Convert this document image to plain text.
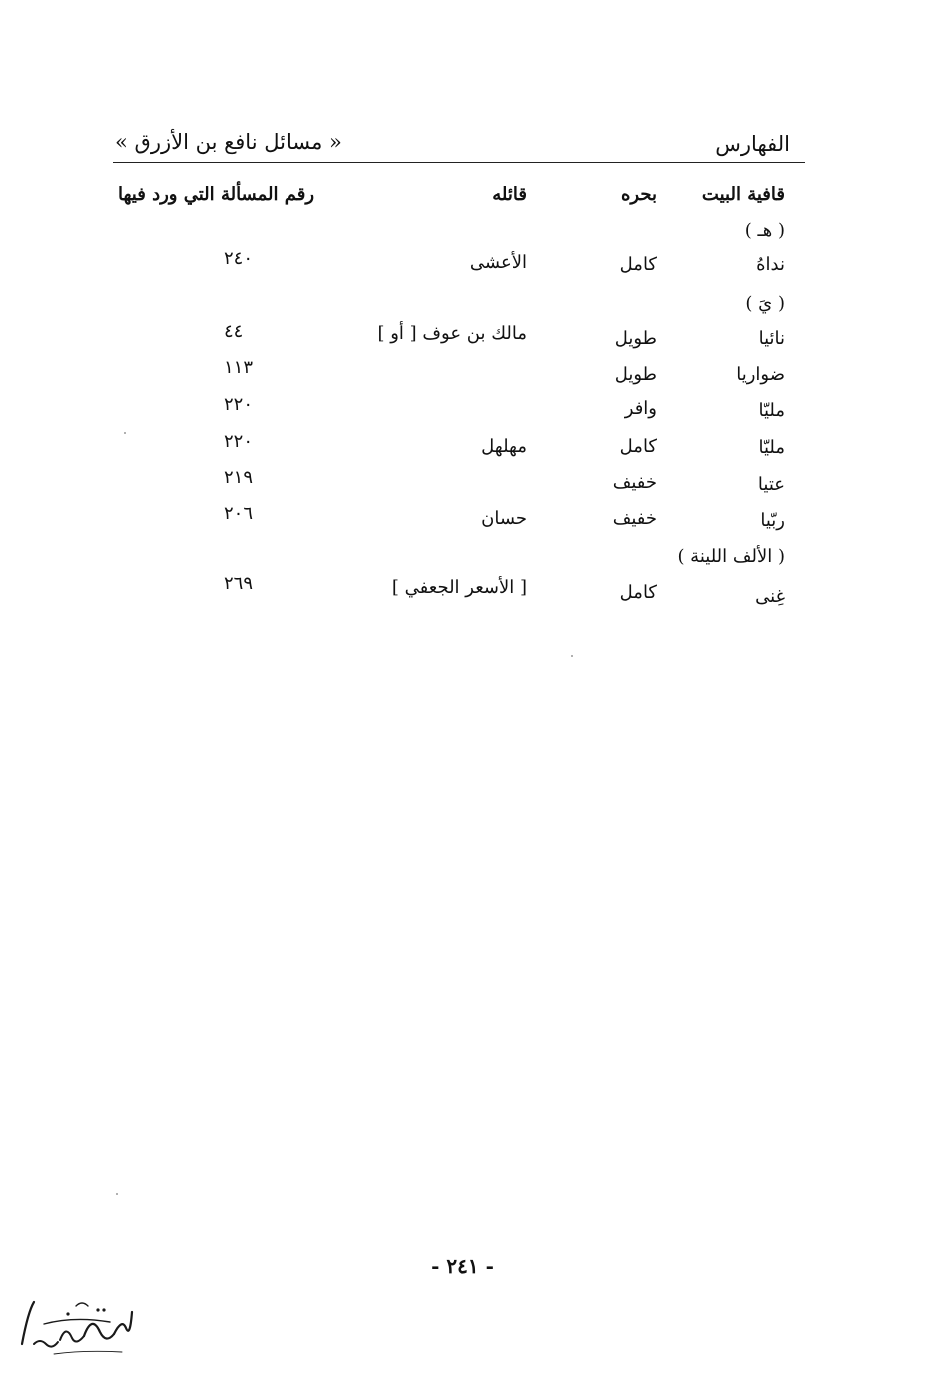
الفهارس
« مسائل نافع بن الأزرق »
قافية البيت
بحره
قائله
رقم المسألة التي ورد فيها
( هـ )
نداهُ
كامل
الأعشى
٢٤٠
( يَ )
نائيا
طويل
مالك بن عوف [ أو ]
٤٤
ضواريا
طويل
١١٣
مليّا
وافر
٢٢٠
مليّا
كامل
مهلهل
٢٢٠
عتيا
خفيف
٢١٩
ربّيا
خفيف
حسان
٢٠٦
( الألف اللينة )
غِنى
كامل
[ الأسعر الجعفي ]
٢٦٩
- ٢٤١ -
